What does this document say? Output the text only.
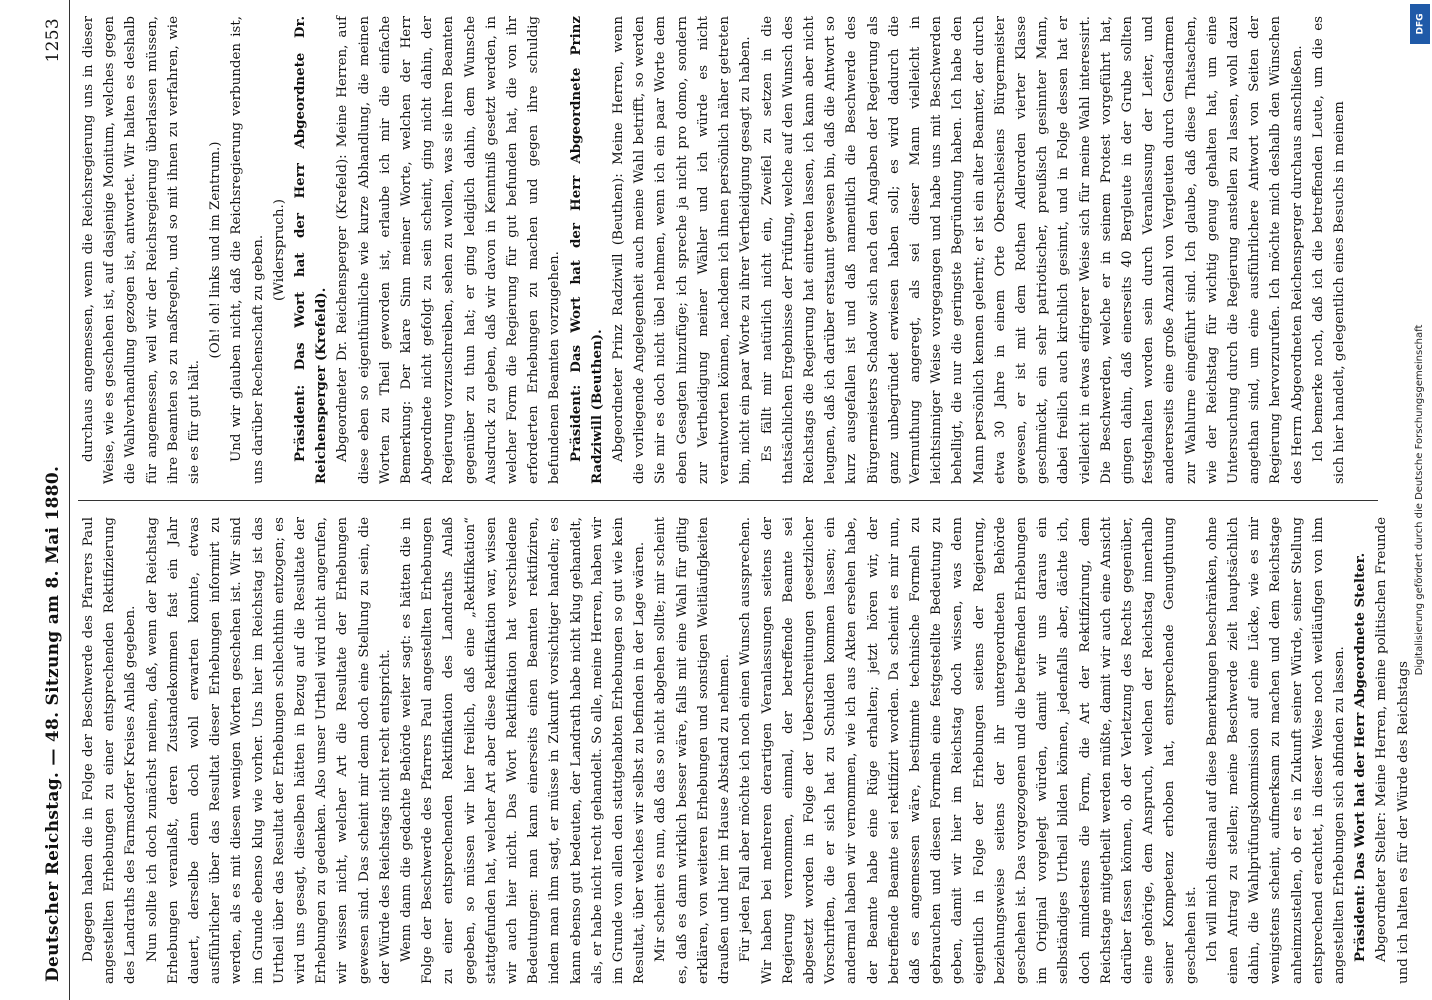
Deutscher Reichstag. — 48. Sitzung am 8. Mai 1880.
1253

Dagegen haben die in Folge der Beschwerde des Pfarrers Paul angestellten Erhebungen zu einer entsprechenden Rektifizierung des Landraths des Farmsdorfer Kreises Anlaß gegeben. Nun sollte ich doch zunächst meinen, daß, wenn der Reichstag Erhebungen veranlaßt, deren Zustandekommen fast ein Jahr dauert, derselbe denn doch wohl erwarten konnte, etwas ausführlicher über das Resultat dieser Erhebungen informirt zu werden, als es mit diesen wenigen Worten geschehen ist. Wir sind im Grunde ebenso klug wie vorher. Uns hier im Reichstag ist das Urtheil über das Resultat der Erhebungen schlechthin entzogen; es wird uns gesagt, dieselben hätten in Bezug auf die Resultate der Erhebungen zu gedenken. Also unser Urtheil wird nicht angerufen, wir wissen nicht, welcher Art die Resultate der Erhebungen gewesen sind. Das scheint mir denn doch eine Stellung zu sein, die der Würde des Reichstags nicht recht entspricht. Wenn dann die gedachte Behörde weiter sagt: es hätten die in Folge der Beschwerde des Pfarrers Paul angestellten Erhebungen zu einer entsprechenden Rektifikation des Landraths Anlaß gegeben, so müssen wir hier freilich, daß eine „Rektifikation“ stattgefunden hat, welcher Art aber diese Rektifikation war, wissen wir auch hier nicht. Das Wort Rektifikation hat verschiedene Bedeutungen: man kann einerseits einen Beamten rektifiziren, indem man ihm sagt, er müsse in Zukunft vorsichtiger handeln; es kann ebenso gut bedeuten, der Landrath habe nicht klug gehandelt, als, er habe nicht recht gehandelt. So alle, meine Herren, haben wir im Grunde von allen den stattgehabten Erhebungen so gut wie kein Resultat, über welches wir selbst zu befinden in der Lage wären. Mir scheint es nun, daß das so nicht abgehen sollte; mir scheint es, daß es dann wirklich besser wäre, falls mit eine Wahl für giltig erklären, von weiteren Erhebungen und sonstigen Weitläufigkeiten draußen und hier im Hause Abstand zu nehmen. Für jeden Fall aber möchte ich noch einen Wunsch aussprechen. Wir haben bei mehreren derartigen Veranlassungen seitens der Regierung vernommen, einmal, der betreffende Beamte sei abgesetzt worden in Folge der Ueberschreitungen gesetzlicher Vorschriften, die er sich hat zu Schulden kommen lassen; ein andermal haben wir vernommen, wie ich aus Akten ersehen habe, der Beamte habe eine Rüge erhalten; jetzt hören wir, der betreffende Beamte sei rektifizirt worden. Da scheint es mir nun, daß es angemessen wäre, bestimmte technische Formeln zu gebrauchen und diesen Formeln eine festgestellte Bedeutung zu geben, damit wir hier im Reichstag doch wissen, was denn eigentlich in Folge der Erhebungen seitens der Regierung, beziehungsweise seitens der ihr untergeordneten Behörde geschehen ist. Das vorgezogenen und die betreffenden Erhebungen im Original vorgelegt würden, damit wir uns daraus ein selbständiges Urtheil bilden können, jedenfalls aber, dächte ich, doch mindestens die Form, die Art der Rektifizirung, dem Reichstage mitgetheilt werden müßte, damit wir auch eine Ansicht darüber fassen können, ob der Verletzung des Rechts gegenüber, eine gehörige, dem Anspruch, welchen der Reichstag innerhalb seiner Kompetenz erhoben hat, entsprechende Genugthuung geschehen ist. Ich will mich diesmal auf diese Bemerkungen beschränken, ohne einen Antrag zu stellen; meine Beschwerde zielt hauptsächlich dahin, die Wahlprüfungskommission auf eine Lücke, wie es mir wenigstens scheint, aufmerksam zu machen und dem Reichstage anheimzustellen, ob er es in Zukunft seiner Würde, seiner Stellung entsprechend erachtet, in dieser Weise noch weitläufigen von ihm angestellten Erhebungen sich abfinden zu lassen. Präsident: Das Wort hat der Herr Abgeordnete Stelter. Abgeordneter Stelter: Meine Herren, meine politischen Freunde und ich halten es für der Würde des Reichstags

durchaus angemessen, wenn die Reichsregierung uns in dieser Weise, wie es geschehen ist, auf dasjenige Monitum, welches gegen die Wahlverhandlung gezogen ist, antwortet. Wir halten es deshalb für angemessen, weil wir der Reichsregierung überlassen müssen, ihre Beamten so zu maßregeln, und so mit ihnen zu verfahren, wie sie es für gut hält.

(Oh! oh! links und im Zentrum.) Und wir glauben nicht, daß die Reichsregierung verbunden ist, uns darüber Rechenschaft zu geben. (Widerspruch.) Präsident: Das Wort hat der Herr Abgeordnete Dr. Reichensperger (Krefeld). Abgeordneter Dr. Reichensperger (Krefeld): Meine Herren, auf diese eben so eigenthümliche wie kurze Abhandlung, die meinen Worten zu Theil geworden ist, erlaube ich mir die einfache Bemerkung: Der klare Sinn meiner Worte, welchen der Herr Abgeordnete nicht gefolgt zu sein scheint, ging nicht dahin, der Regierung vorzuschreiben, sehen zu wollen, was sie ihren Beamten gegenüber zu thun hat; er ging lediglich dahin, dem Wunsche Ausdruck zu geben, daß wir davon in Kenntniß gesetzt werden, in welcher Form die Regierung für gut befunden hat, die von ihr erforderten Erhebungen zu machen und gegen ihre schuldig befundenen Beamten vorzugehen. Präsident: Das Wort hat der Herr Abgeordnete Prinz Radziwill (Beuthen). Abgeordneter Prinz Radziwill (Beuthen): Meine Herren, wenn die vorliegende Angelegenheit auch meine Wahl betrifft, so werden Sie mir es doch nicht übel nehmen, wenn ich ein paar Worte dem eben Gesagten hinzufüge; ich spreche ja nicht pro domo, sondern zur Vertheidigung meiner Wähler und ich würde es nicht verantworten können, nachdem ich ihnen persönlich näher getreten bin, nicht ein paar Worte zu ihrer Vertheidigung gesagt zu haben. Es fällt mir natürlich nicht ein, Zweifel zu setzen in die thatsächlichen Ergebnisse der Prüfung, welche auf den Wunsch des Reichstags die Regierung hat eintreten lassen, ich kann aber nicht leugnen, daß ich darüber erstaunt gewesen bin, daß die Antwort so kurz ausgefallen ist und daß namentlich die Beschwerde des Bürgermeisters Schadow sich nach den Angaben der Regierung als ganz unbegründet erwiesen haben soll; es wird dadurch die Vermuthung angeregt, als sei dieser Mann vielleicht in leichtsinniger Weise vorgegangen und habe uns mit Beschwerden behelligt, die nur die geringste Begründung haben. Ich habe den Mann persönlich kennen gelernt; er ist ein alter Beamter, der durch etwa 30 Jahre in einem Orte Oberschlesiens Bürgermeister gewesen, er ist mit dem Rothen Adlerorden vierter Klasse geschmückt, ein sehr patriotischer, preußisch gesinnter Mann, dabei freilich auch kirchlich gesinnt, und in Folge dessen hat er vielleicht in etwas eifrigerer Weise sich für meine Wahl interessirt. Die Beschwerden, welche er in seinem Protest vorgeführt hat, gingen dahin, daß einerseits 40 Bergleute in der Grube sollten festgehalten worden sein durch Veranlassung der Leiter, und andererseits eine große Anzahl von Vergleuten durch Gensdarmen zur Wahlurne eingeführt sind. Ich glaube, daß diese Thatsachen, wie der Reichstag für wichtig genug gehalten hat, um eine Untersuchung durch die Regierung anstellen zu lassen, wohl dazu angethan sind, um eine ausführlichere Antwort von Seiten der Regierung hervorzurufen. Ich möchte mich deshalb den Wünschen des Herrn Abgeordneten Reichensperger durchaus anschließen. Ich bemerke noch, daß ich die betreffenden Leute, um die es sich hier handelt, gelegentlich eines Besuchs in meinem

DFG
Digitalisierung gefördert durch die Deutsche Forschungsgemeinschaft
